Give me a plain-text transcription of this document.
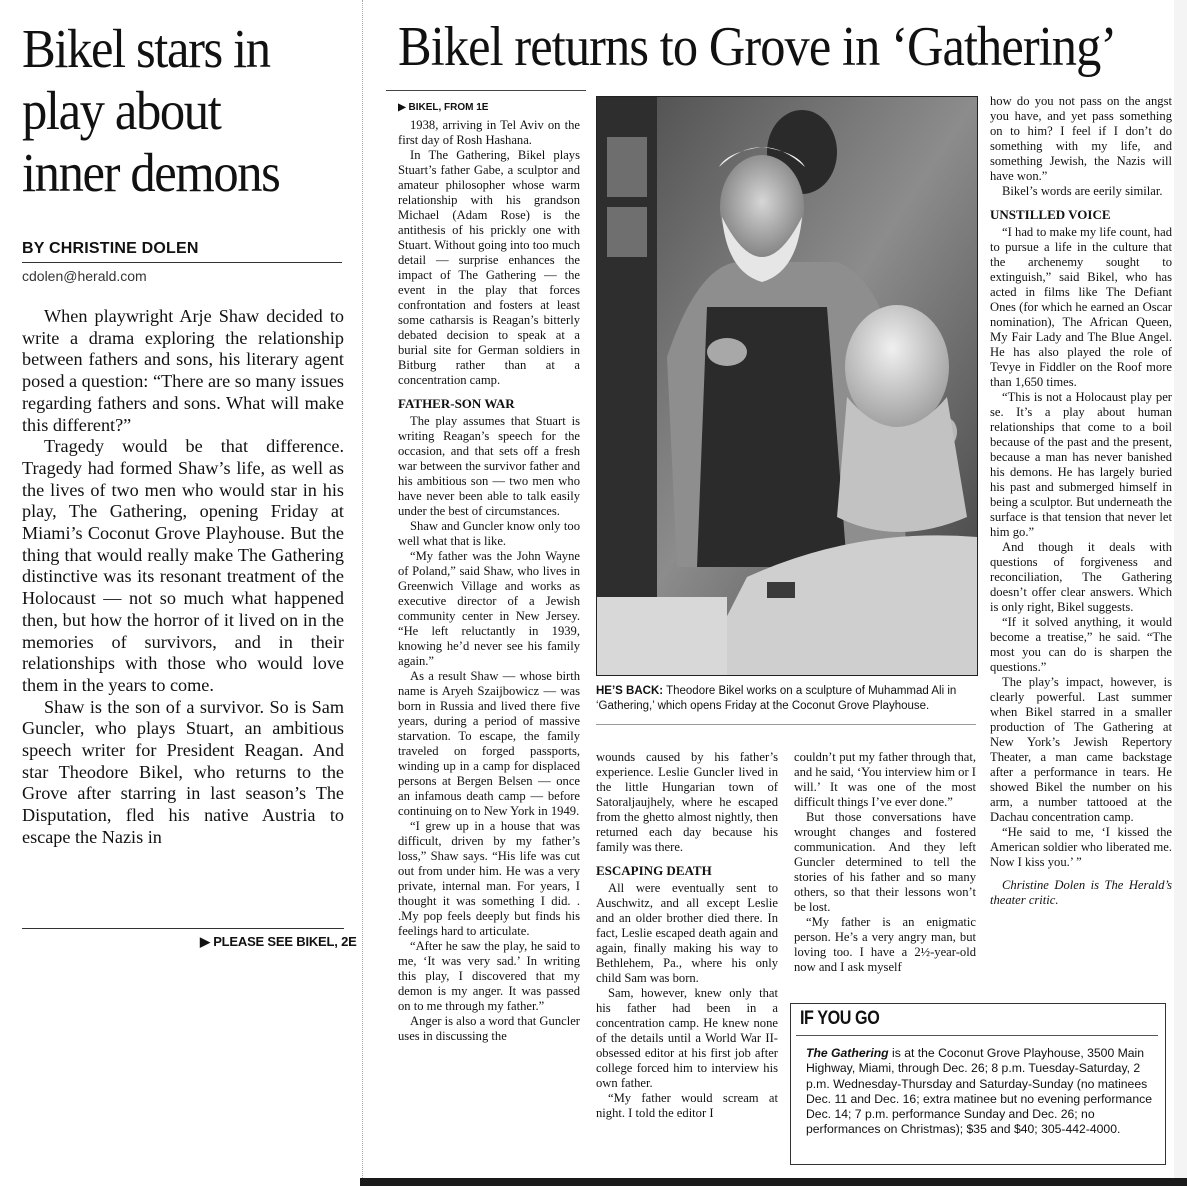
Bikel stars in play about inner demons
BY CHRISTINE DOLEN
cdolen@herald.com

When playwright Arje Shaw decided to write a drama exploring the relationship between fathers and sons, his literary agent posed a question: “There are so many issues regarding fathers and sons. What will make this different?”

Tragedy would be that difference. Tragedy had formed Shaw’s life, as well as the lives of two men who would star in his play, The Gathering, opening Friday at Miami’s Coconut Grove Playhouse. But the thing that would really make The Gathering distinctive was its resonant treatment of the Holocaust — not so much what happened then, but how the horror of it lived on in the memories of survivors, and in their relationships with those who would love them in the years to come.

Shaw is the son of a survivor. So is Sam Guncler, who plays Stuart, an ambitious speech writer for President Reagan. And star Theodore Bikel, who returns to the Grove after starring in last season’s The Disputation, fled his native Austria to escape the Nazis in

▶ PLEASE SEE BIKEL, 2E
Bikel returns to Grove in ‘Gathering’
▶ BIKEL, FROM 1E

1938, arriving in Tel Aviv on the first day of Rosh Hashana.

In The Gathering, Bikel plays Stuart’s father Gabe, a sculptor and amateur philosopher whose warm relationship with his grandson Michael (Adam Rose) is the antithesis of his prickly one with Stuart. Without going into too much detail — surprise enhances the impact of The Gathering — the event in the play that forces confrontation and fosters at least some catharsis is Reagan’s bitterly debated decision to speak at a burial site for German soldiers in Bitburg rather than at a concentration camp.

FATHER-SON WAR

The play assumes that Stuart is writing Reagan’s speech for the occasion, and that sets off a fresh war between the survivor father and his ambitious son — two men who have never been able to talk easily under the best of circumstances.

Shaw and Guncler know only too well what that is like.

“My father was the John Wayne of Poland,” said Shaw, who lives in Greenwich Village and works as executive director of a Jewish community center in New Jersey. “He left reluctantly in 1939, knowing he’d never see his family again.”

As a result Shaw — whose birth name is Aryeh Szaijbowicz — was born in Russia and lived there five years, during a period of massive starvation. To escape, the family traveled on forged passports, winding up in a camp for displaced persons at Bergen Belsen — once an infamous death camp — before continuing on to New York in 1949.

“I grew up in a house that was difficult, driven by my father’s loss,” Shaw says. “His life was cut out from under him. He was a very private, internal man. For years, I thought it was something I did. . .My pop feels deeply but finds his feelings hard to articulate.

“After he saw the play, he said to me, ‘It was very sad.’ In writing this play, I discovered that my demon is my anger. It was passed on to me through my father.”

Anger is also a word that Guncler uses in discussing the

HE’S BACK: Theodore Bikel works on a sculpture of Muhammad Ali in ‘Gathering,’ which opens Friday at the Coconut Grove Playhouse.

wounds caused by his father’s experience. Leslie Guncler lived in the little Hungarian town of Satoraljaujhely, where he escaped from the ghetto almost nightly, then returned each day because his family was there.

ESCAPING DEATH

All were eventually sent to Auschwitz, and all except Leslie and an older brother died there. In fact, Leslie escaped death again and again, finally making his way to Bethlehem, Pa., where his only child Sam was born.

Sam, however, knew only that his father had been in a concentration camp. He knew none of the details until a World War II-obsessed editor at his first job after college forced him to interview his own father.

“My father would scream at night. I told the editor I

couldn’t put my father through that, and he said, ‘You interview him or I will.’ It was one of the most difficult things I’ve ever done.”

But those conversations have wrought changes and fostered communication. And they left Guncler determined to tell the stories of his father and so many others, so that their lessons won’t be lost.

“My father is an enigmatic person. He’s a very angry man, but loving too. I have a 2½-year-old now and I ask myself

how do you not pass on the angst you have, and yet pass something on to him? I feel if I don’t do something with my life, and something Jewish, the Nazis will have won.”

Bikel’s words are eerily similar.

UNSTILLED VOICE

“I had to make my life count, had to pursue a life in the culture that the archenemy sought to extinguish,” said Bikel, who has acted in films like The Defiant Ones (for which he earned an Oscar nomination), The African Queen, My Fair Lady and The Blue Angel. He has also played the role of Tevye in Fiddler on the Roof more than 1,650 times.

“This is not a Holocaust play per se. It’s a play about human relationships that come to a boil because of the past and the present, because a man has never banished his demons. He has largely buried his past and submerged himself in being a sculptor. But underneath the surface is that tension that never let him go.”

And though it deals with questions of forgiveness and reconciliation, The Gathering doesn’t offer clear answers. Which is only right, Bikel suggests.

“If it solved anything, it would become a treatise,” he said. “The most you can do is sharpen the questions.”

The play’s impact, however, is clearly powerful. Last summer when Bikel starred in a smaller production of The Gathering at New York’s Jewish Repertory Theater, a man came backstage after a performance in tears. He showed Bikel the number on his arm, a number tattooed at the Dachau concentration camp.

“He said to me, ‘I kissed the American soldier who liberated me. Now I kiss you.’ ”

Christine Dolen is The Herald’s theater critic.

IF YOU GO
The Gathering is at the Coconut Grove Playhouse, 3500 Main Highway, Miami, through Dec. 26; 8 p.m. Tuesday-Saturday, 2 p.m. Wednesday-Thursday and Saturday-Sunday (no matinees Dec. 11 and Dec. 16; extra matinee but no evening performance Dec. 14; 7 p.m. performance Sunday and Dec. 26; no performances on Christmas); $35 and $40; 305-442-4000.
